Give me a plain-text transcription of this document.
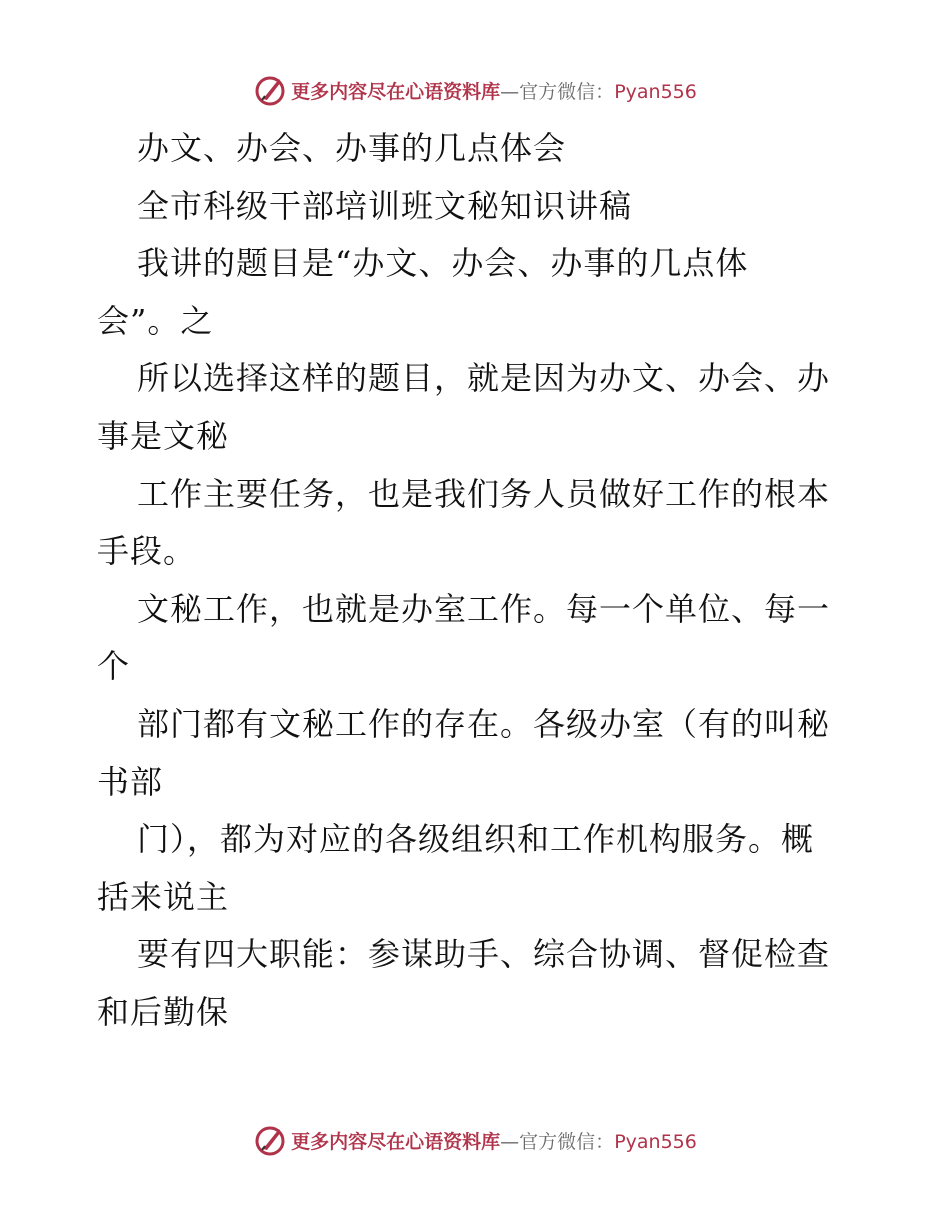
更多内容尽在心语资料库—官方微信：Pyan556

办文、办会、办事的几点体会

全市科级干部培训班文秘知识讲稿

我讲的题目是“办文、办会、办事的几点体

会”。之

所以选择这样的题目，就是因为办文、办会、办

事是文秘

工作主要任务，也是我们务人员做好工作的根本

手段。

文秘工作，也就是办室工作。每一个单位、每一

个

部门都有文秘工作的存在。各级办室（有的叫秘

书部

门），都为对应的各级组织和工作机构服务。概

括来说主

要有四大职能：参谋助手、综合协调、督促检查

和后勤保

更多内容尽在心语资料库—官方微信：Pyan556
